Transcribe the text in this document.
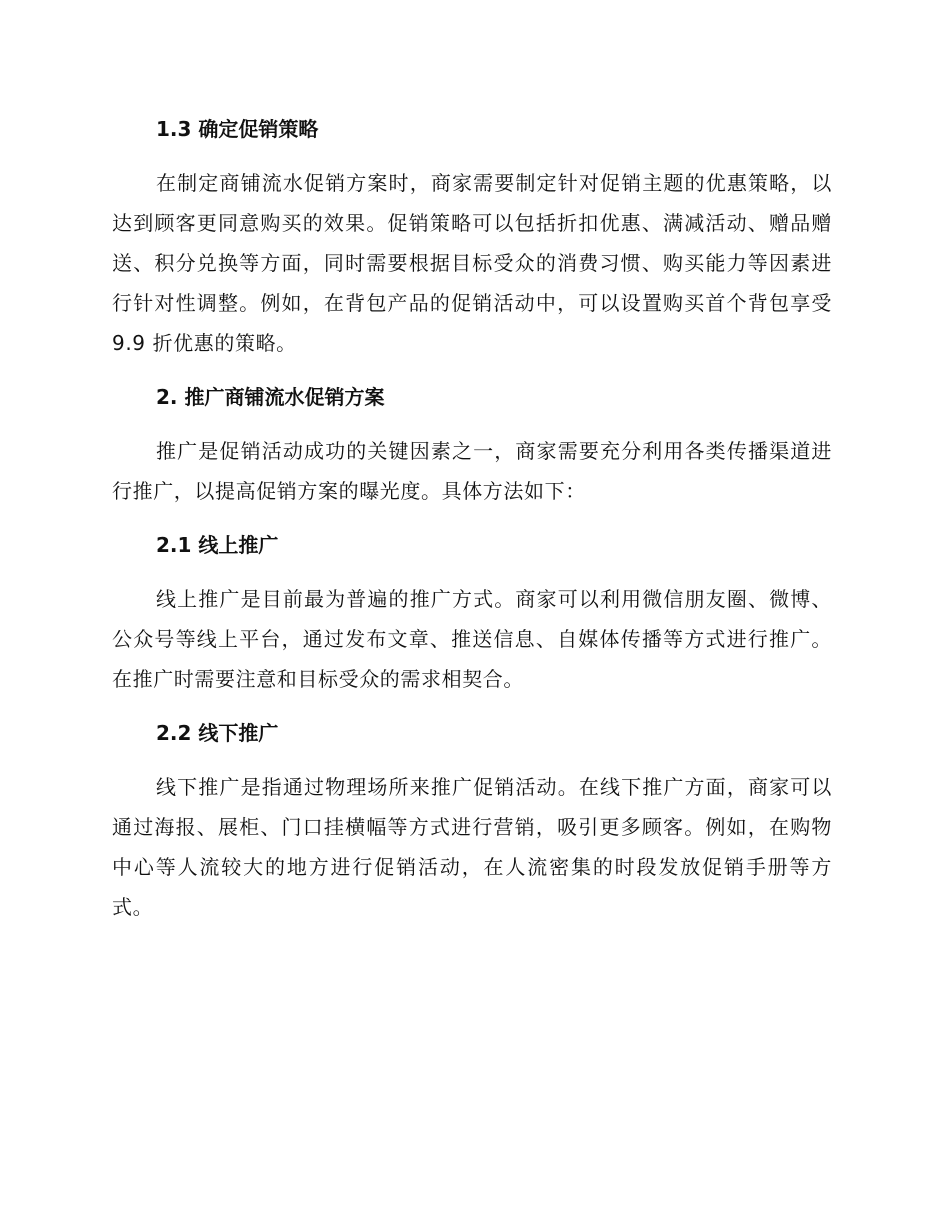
1.3 确定促销策略

在制定商铺流水促销方案时，商家需要制定针对促销主题的优惠策略，以达到顾客更同意购买的效果。促销策略可以包括折扣优惠、满减活动、赠品赠送、积分兑换等方面，同时需要根据目标受众的消费习惯、购买能力等因素进行针对性调整。例如，在背包产品的促销活动中，可以设置购买首个背包享受 9.9 折优惠的策略。

2. 推广商铺流水促销方案

推广是促销活动成功的关键因素之一，商家需要充分利用各类传播渠道进行推广，以提高促销方案的曝光度。具体方法如下：

2.1 线上推广

线上推广是目前最为普遍的推广方式。商家可以利用微信朋友圈、微博、公众号等线上平台，通过发布文章、推送信息、自媒体传播等方式进行推广。在推广时需要注意和目标受众的需求相契合。

2.2 线下推广

线下推广是指通过物理场所来推广促销活动。在线下推广方面，商家可以通过海报、展柜、门口挂横幅等方式进行营销，吸引更多顾客。例如，在购物中心等人流较大的地方进行促销活动，在人流密集的时段发放促销手册等方式。
